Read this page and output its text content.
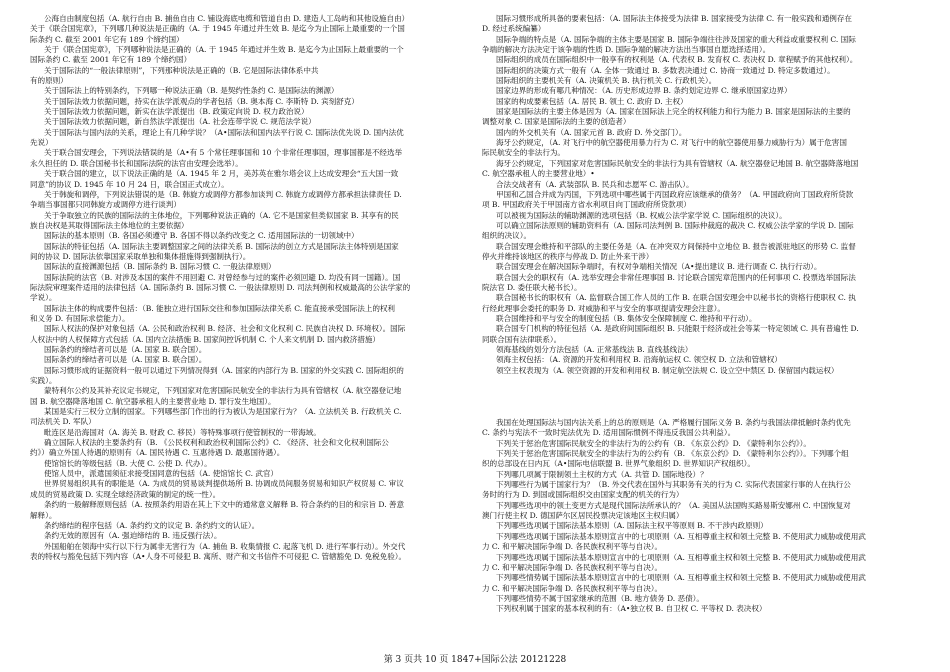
公海自由制度包括（A. 航行自由 B. 捕鱼自由 C. 铺设海底电缆和管道自由 D. 建造人工岛屿和其他设施自由）

关于《联合国宪章》，下列哪几种说法是正确的（A. 于 1945 年通过并生效 B. 是迄今为止国际上最重要的一个国

际条约 C. 截至 2001 年它有 189 个缔约国）

关于《联合国宪章》，下列哪种说法是正确的（A. 于 1945 年通过并生效 B. 是迄今为止国际上最重要的一个

国际条约 C. 截至 2001 年它有 189 个缔约国）

关于国际法的“一般法律原则”，下列那种说法是正确的（B. 它是国际法律体系中共

有的原则）

关于国际法上的特别条约，下列哪一种说法正确（B. 是契约性条约 C. 是国际法的渊源）

关于国际法效力依据问题，持实在法学派观点的学者包括（B. 奥本海 C. 李斯特 D. 宾刻舒克）

关于国际法效力依据问题，新实在法学派提出（B. 政策定向说 D. 权力政治说）

关于国际法效力依据问题，新自然法学派提出（A. 社会连带学说 C. 规范法学说）

关于国际法与国内法的关系，理论上有几种学说？（A•国际法和国内法平行说 C. 国际法优先说 D. 国内法优

先说）

关于联合国安理会，下列说法错误的是（A•有 5 个常任理事国和 10 个非常任理事国，理事国都是不经选举

永久担任的 D. 联合国秘书长和国际法院的法官由安理会选举）。

关于联合国的建立，以下说法正确的是（A. 1945 年 2 月，美苏英在雅尔塔会议上达成安理会“五大国一致

同意”的协议 D. 1945 年 10 月 24 日，联合国正式成立）。

关于韩旋和调停，下列说法错误的是（B. 韩旋方或调停方都参加谈判 C. 韩旋方或调停方都承担法律责任 D.

争端当事国都只同韩旋方或调停方进行谈判）

关于争取独立的民族的国际法的主体地位，下列哪种说法正确的（A. 它不是国家但类似国家 B. 其享有的民

族自决权是其取得国际法主体地位的主要依据）

国际法的基本原则（B. 各国必须遵守 B. 各国不得以条约改变之 C. 适用国际法的一切领域中）

国际法的特征包括（A. 国际法主要调整国家之间的法律关系 B. 国际法的创立方式是国际法主体特别是国家

间的协议 D. 国际法依靠国家采取单独和集体措施得到强制执行）。

国际法的直接渊源包括（B. 国际条约 B. 国际习惯 C. 一般法律原则）

国际法院的法官（B. 对涉及本国的案件不用回避 C. 对曾经参与过的案件必须回避 D. 均没有同一国籍）。国

际法院审理案件适用的法律包括（A. 国际条约 B. 国际习惯 C. 一般法律原则 D. 司法判例和权威最高的公法学家的

学说）。

国际法主体的构成要件包括：（B. 能独立进行国际交往和参加国际法律关系 C. 能直接承受国际法上的权利

和义务 D. 有国际求偿能力）。

国际人权法的保护对象包括（A. 公民和政治权利 B. 经济、社会和文化权利 C. 民族自决权 D. 环境权）。国际

人权法中的人权保障方式包括（A. 国内立法措施 B. 国家间控诉机制 C. 个人来文机制 D. 国内救济措施）

国际条约的缔结者可以是（A. 国家 B. 联合国）。

国际条约的缔结者可以是（A. 国家 B. 联合国）。

国际习惯形成的证据资料一般可以通过下列情况得到（A. 国家的内部行为 B. 国家的外交实践 C. 国际组织的

实践）。

蒙特利尔公约及其补充议定书规定，下列国家对危害国际民航安全的非法行为具有管辖权（A. 航空器登记地

国 B. 航空器降落地国 C. 航空器承租人的主要营业地 D. 罪行发生地国）。

某国是实行三权分立制的国家。下列哪些部门作出的行为被认为是国家行为？（A. 立法机关 B. 行政机关 C.

司法机关 D. 军队）

毗连区是沿海国对（A. 海关 B. 财政 C. 移民）等特殊事项行使管制权的一带海域。

确立国际人权法的主要条约有（B. 《公民权利和政治权利国际公约》C. 《经济、社会和文化权利国际公

约》）确立外国人待遇的原则有（A. 国民待遇 C. 互惠待遇 D. 最惠国待遇）。

使馆馆长的等级包括（B. 大使 C. 公使 D. 代办）。

使馆人员中，派遣国须征求接受国同意的包括（A. 使馆馆长 C. 武官）

世界贸易组织具有的职能是（A. 为成员的贸易谈判提供场所 B. 协调成员间服务贸易和知识产权贸易 C. 审议

成员的贸易政策 D. 实现全球经济政策的制定的统一性）。

条约的一般解释原则包括（A. 按照条约用语在其上下文中的通常意义解释 B. 符合条约的目的和宗旨 D. 善意

解释）。

条约缔结的程序包括（A. 条约约文的议定 B. 条约约文的认证）。

条约无效的原因有（A. 强迫缔结的 B. 违反强行法）。

外国船舶在领海中实行以下行为属非无害行为（A. 捕鱼 B. 收集情报 C. 起落飞机 D. 进行军事行动）。外交代

表的特权与豁免包括下列内容（A•人身不可侵犯 B. 寓所、财产和文书信件不可侵犯 C. 管辖豁免 D. 免税免验）。

国际习惯形成所具备的要素包括：（A. 国际法主体接受为法律 B. 国家接受为法律 C. 有一般实践和通例存在

D. 经过系统编纂）

国际争端的特点是（A. 国际争端的主体主要是国家 B. 国际争端往往涉及国家的重大利益或重要权利 C. 国际

争端的解决方法决定于该争端的性质 D. 国际争端的解决方法出当事国自愿选择适用）。

国际组织的成员在国际组织中一般享有的权利是（A. 代表权 B. 发育权 C. 表决权 D. 章程赋予的其他权利）。

国际组织的决策方式一般有（A. 全体一致通过 B. 多数表决通过 C. 协商一致通过 D. 特定多数通过）。

国际组织的主要机关有（A. 决策机关 B. 执行机关 C. 行政机关）。

国家边界的形成有哪几种情况：（A. 历史形成边界 B. 条约划定边界 C. 继承原国家边界）

国家的构成要素包括（A. 居民 B. 领土 C. 政府 D. 主权）

国家是国际法的主要主体是因为（A. 国家在国际法上完全的权利能力和行为能力 B. 国家是国际法的主要的

调整对象 C. 国家是国际法的主要的创造者）

国内的外交机关有（A. 国家元首 B. 政府 D. 外交部门）。

海牙公约规定，（A. 对飞行中的航空器使用暴力行为 C. 对飞行中的航空器使用暴力威胁行为）属于危害国

际民航安全的非法行为。

海牙公约规定，下列国家对危害国际民航安全的非法行为具有管辖权（A. 航空器登记地国 B. 航空器降落地国

C. 航空器承租人的主要营业地）•

合法交战者有（A. 武装部队 B. 民兵和志愿军 C. 游击队）。

甲国和乙国合并成为丙国，下列选项中哪些属于丙国政府应该继承的债务？（A. 甲国政府向丁国政府所贷款

项 B. 甲国政府关于甲国南方省水利项目向丁国政府所贷款项）

可以被视为国际法的辅助渊源的选项包括（B. 权威公法学家学说 C. 国际组织的决议）。

可以确立国际法原则的辅助资料有（A. 国际司法判例 B. 国际仲裁庭的裁决 C. 权威公法学家的学说 D. 国际

组织的决议）。

联合国安理会维持和平部队的主要任务是（A. 在冲突双方间保持中立地位 B. 报告被派驻地区的形势 C. 监督

停火并维持该地区的秩序与停战 D. 防止外来干涉）

联合国安理会在解决国际争端时，有权对争端相关情况（A•提出建议 B. 进行调查 C. 执行行动）。

联合国大会的职权有（A. 选举安理会非常任理事国 B. 讨论联合国宪章范围内的任何事项 C. 投票选举国际法

院法官 D. 委任联大秘书长）。

联合国秘书长的职权有（A. 监督联合国工作人员的工作 B. 在联合国安理会中以秘书长的资格行使职权 C. 执

行经此理事会委托的职务 D. 对威胁和平与安全的事项提请安理会注意）。

联合国维持和平与安全的制度包括（B. 集体安全保障制度 C. 维持和平行动）。

联合国专门机构的特征包括（A. 是政府间国际组织 B. 只能限于经济或社会等某一特定领域 C. 具有普遍性 D.

同联合国有法律联系）。

领海基线的划分方法包括（A. 正常基线法 B. 直线基线法）

领海主权包括：（A. 资源的开发和利用权 B. 沿海航运权 C. 领空权 D. 立法和管辖权）

领空主权表现为（A. 领空资源的开发和利用权 B. 制定航空法规 C. 设立空中禁区 D. 保留国内载运权）

我国在处理国际法与国内法关系上的总的原则是（A. 严格履行国际义务 B. 条约与我国法律抵触时条约优先

C. 条约与宪法不一致时宪法优先 D. 适用国际惯例不得违反我国公共利益）。

下列关于惩治危害国际民航安全的非法行为的公约有（B. 《东京公约》D. 《蒙特利尔公约》）。

下列关于惩治危害国际民航安全的非法行为的公约有（B. 《东京公约》D. 《蒙特利尔公约》）。下列哪个组

织的总部设在日内瓦（A•国际电信联盟 B. 世界气象组织 D. 世界知识产权组织）。

下列哪几项属于限制领土主权的方式（A. 共管 D. 国际地役）？

下列哪些行为属于国家行为？（B. 外交代表在国外与其职务有关的行为 C. 实际代表国家行事的人在执行公

务时的行为 D. 到国或国际组织交由国家支配的机关的行为）

下列哪些选项中的领土变更方式是现代国际法所承认的？（A. 美国从法国购买路易斯安娜州 C. 中国恢复对

澳门行使主权 D. 德国萨尔区居民投票决定该地区主权归属）

下列哪些选项属于国际法基本原则（A. 国际法主权平等原则 B. 不干涉内政原则）

下列哪些选项属于国际法基本原则宣言中的七项原则（A. 互相尊重主权和领土完整 B. 不使用武力威胁或使用武

力 C. 和平解决国际争端 D. 各民族权利平等与自决）。

下列哪些选项属于国际法基本原则宣言中的七项原则（A. 互相尊重主权和领土完整 B. 不使用武力威胁或使用武

力 C. 和平解决国际争端 D. 各民族权利平等与自决）。

下列哪些情势属于国际法基本原则宣言中的七项原则（A. 互相尊重主权和领土完整 B. 不使用武力威胁或使用武

力 C. 和平解决国际争端 D. 各民族权利平等与自决）。

下列哪些情势不属于国家继承的范围（B. 地方债务 D. 恶债）。

下列权利属于国家的基本权利的有：（A•独立权 B. 自卫权 C. 平等权 D. 表决权）

第 3 页共 10 页 1847+国际公法 20121228
